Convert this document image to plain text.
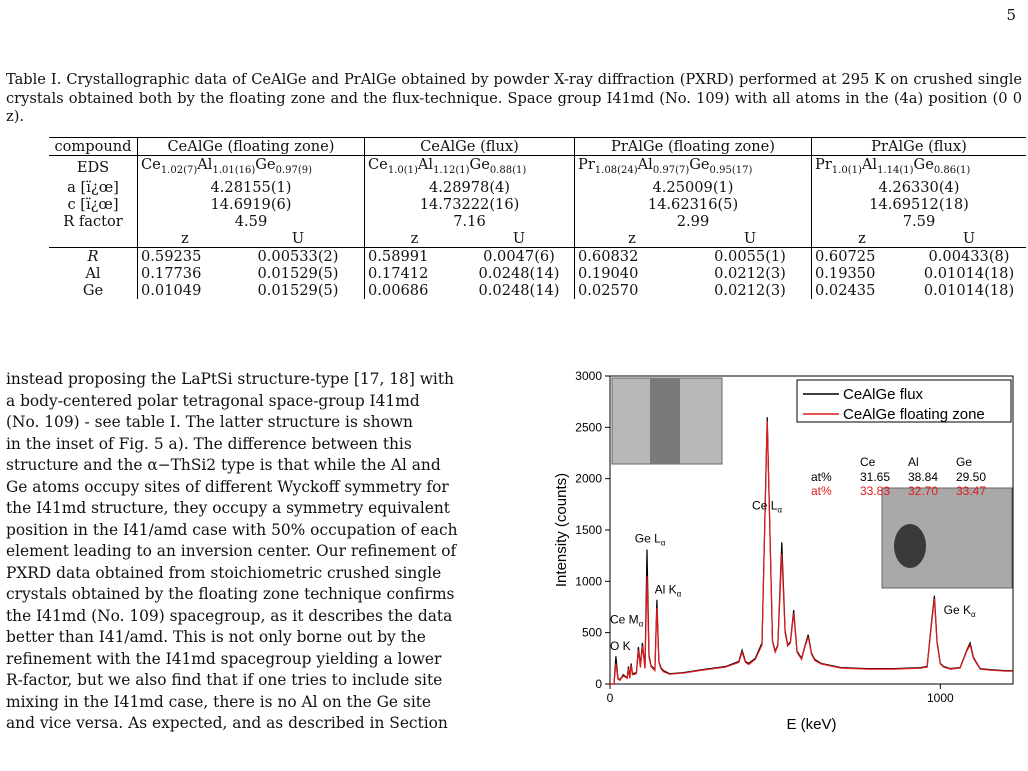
5
Table I. Crystallographic data of CeAlGe and PrAlGe obtained by powder X-ray diffraction (PXRD) performed at 295 K on crushed single crystals obtained both by the floating zone and the flux-technique. Space group I41md (No. 109) with all atoms in the (4a) position (0 0 z).
compound	CeAlGe (floating zone)		CeAlGe (flux)		PrAlGe (floating zone)		PrAlGe (flux)	
EDS	$Ce_{1.02(7)}Al_{1.01(16)}Ge_{0.97(9)}$		$Ce_{1.0(1)}Al_{1.12(1)}Ge_{0.88(1)}$		$Pr_{1.08(24)}Al_{0.97(7)}Ge_{0.95(17)}$		$Pr_{1.0(1)}Al_{1.14(1)}Ge_{0.86(1)}$
a [ï¿œ]	4.28155(1)		4.28978(4)		4.25009(1)		4.26330(4)	
c [ï¿œ]	14.6919(6)		14.73222(16)		14.62316(5)		14.69512(18)	
R factor	4.59		7.16		2.99		7.59	
	z	U	z	U	z	U	z	U
R	0.59235	0.00533(2)	0.58991	0.0047(6)	0.60832	0.0055(1)	0.60725	0.00433(8)
Al	0.17736	0.01529(5)	0.17412	0.0248(14)	0.19040	0.0212(3)	0.19350	0.01014(18)
Ge	0.01049	0.01529(5)	0.00686	0.0248(14)	0.02570	0.0212(3)	0.02435	0.01014(18)

instead proposing the LaPtSi structure-type [17, 18] with

a body-centered polar tetragonal space-group I41md

(No. 109) - see table I. The latter structure is shown

in the inset of Fig. 5 a). The difference between this

structure and the α−ThSi2 type is that while the Al and

Ge atoms occupy sites of different Wyckoff symmetry for

the I41md structure, they occupy a symmetry equivalent

position in the I41/amd case with 50% occupation of each

element leading to an inversion center. Our refinement of

PXRD data obtained from stoichiometric crushed single

crystals obtained by the floating zone technique confirms

the I41md (No. 109) spacegroup, as it describes the data

better than I41/amd. This is not only borne out by the

refinement with the I41md spacegroup yielding a lower

R-factor, but we also find that if one tries to include site

mixing in the I41md case, there is no Al on the Ge site

and vice versa. As expected, and as described in Section

0
500
1000
1500
2000
2500
3000
0	1000
E (keV)
Intensity (counts)
CeAlGe flux
CeAlGe floating zone
Ce	Al	Ge
at% 31.65 38.84 29.50
at% 33.83 32.70 33.47
Ce $L_\alpha$
Ge $L_\alpha$
Al $K_\alpha$
Ce $M_\alpha$
O K
Ge $K_\alpha$
